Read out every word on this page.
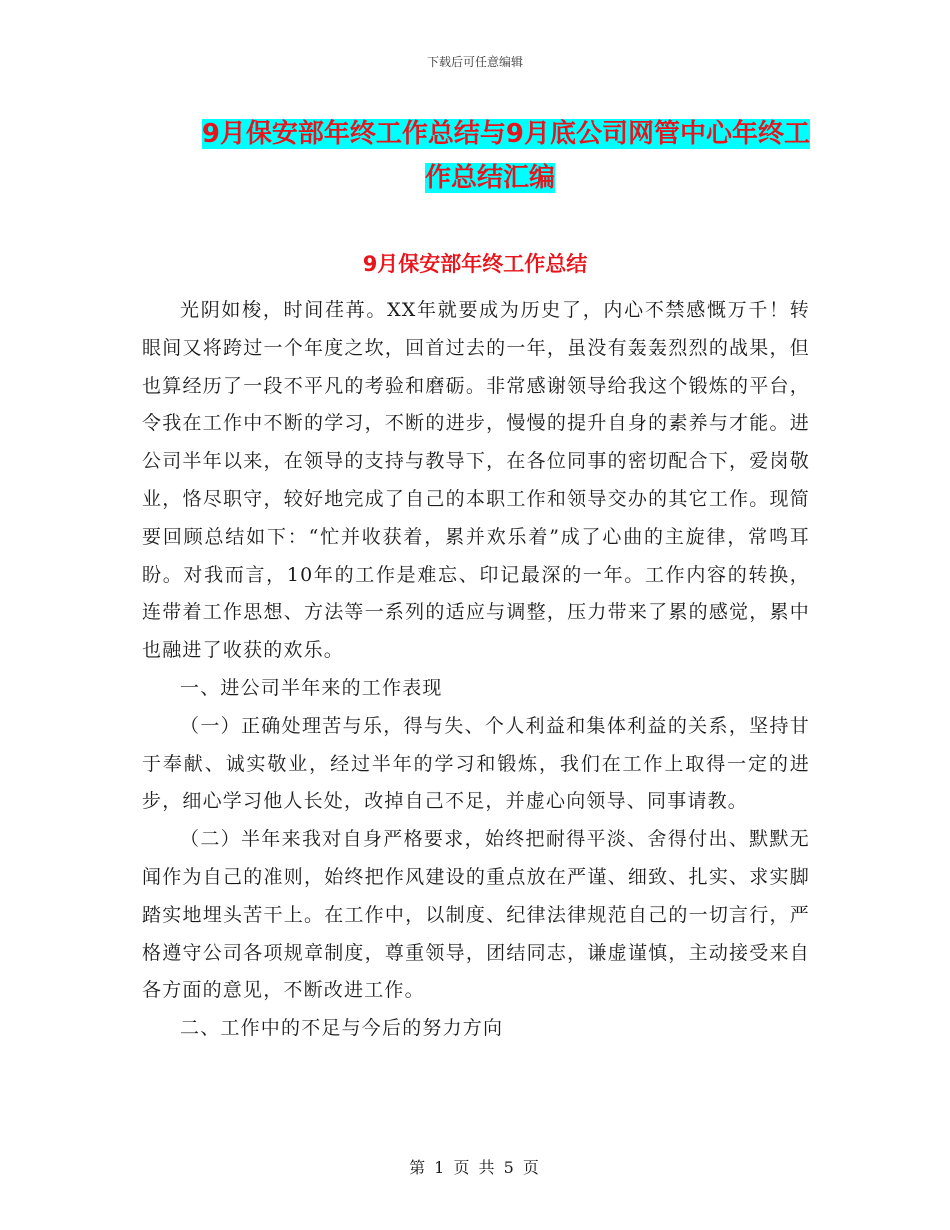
下载后可任意编辑
9月保安部年终工作总结与9月底公司网管中心年终工
作总结汇编
9月保安部年终工作总结

光阴如梭，时间荏苒。XX年就要成为历史了，内心不禁感慨万千！转眼间又将跨过一个年度之坎，回首过去的一年，虽没有轰轰烈烈的战果，但也算经历了一段不平凡的考验和磨砺。非常感谢领导给我这个锻炼的平台，令我在工作中不断的学习，不断的进步，慢慢的提升自身的素养与才能。进公司半年以来，在领导的支持与教导下，在各位同事的密切配合下，爱岗敬业，恪尽职守，较好地完成了自己的本职工作和领导交办的其它工作。现简要回顾总结如下：“忙并收获着，累并欢乐着”成了心曲的主旋律，常鸣耳盼。对我而言，10年的工作是难忘、印记最深的一年。工作内容的转换，连带着工作思想、方法等一系列的适应与调整，压力带来了累的感觉，累中也融进了收获的欢乐。

一、进公司半年来的工作表现

（一）正确处理苦与乐，得与失、个人利益和集体利益的关系，坚持甘于奉献、诚实敬业，经过半年的学习和锻炼，我们在工作上取得一定的进步，细心学习他人长处，改掉自己不足，并虚心向领导、同事请教。

（二）半年来我对自身严格要求，始终把耐得平淡、舍得付出、默默无闻作为自己的准则，始终把作风建设的重点放在严谨、细致、扎实、求实脚踏实地埋头苦干上。在工作中，以制度、纪律法律规范自己的一切言行，严格遵守公司各项规章制度，尊重领导，团结同志，谦虚谨慎，主动接受来自各方面的意见，不断改进工作。

二、工作中的不足与今后的努力方向

第 1 页 共 5 页
